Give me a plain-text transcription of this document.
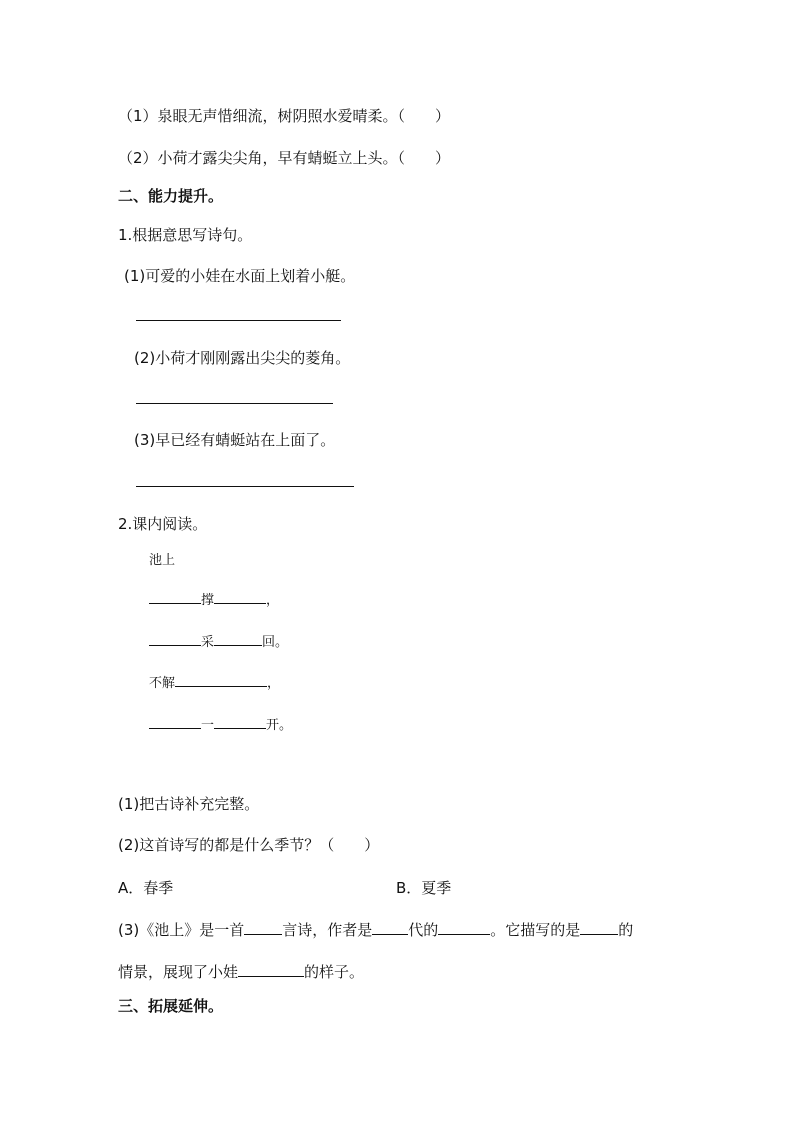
（1）泉眼无声惜细流，树阴照水爱晴柔。（　　）
（2）小荷才露尖尖角，早有蜻蜓立上头。（　　）
二、能力提升。
1.根据意思写诗句。
(1)可爱的小娃在水面上划着小艇。
(2)小荷才刚刚露出尖尖的菱角。
(3)早已经有蜻蜓站在上面了。
2.课内阅读。
池上
撑	，
采	回。
不解	，
一	开。
(1)把古诗补充完整。
(2)这首诗写的都是什么季节？（　　）
A．春季	B．夏季
(3)《池上》是一首	言诗，作者是 代的	。它描写的是	的
情景，展现了小娃	的样子。
三、拓展延伸。
